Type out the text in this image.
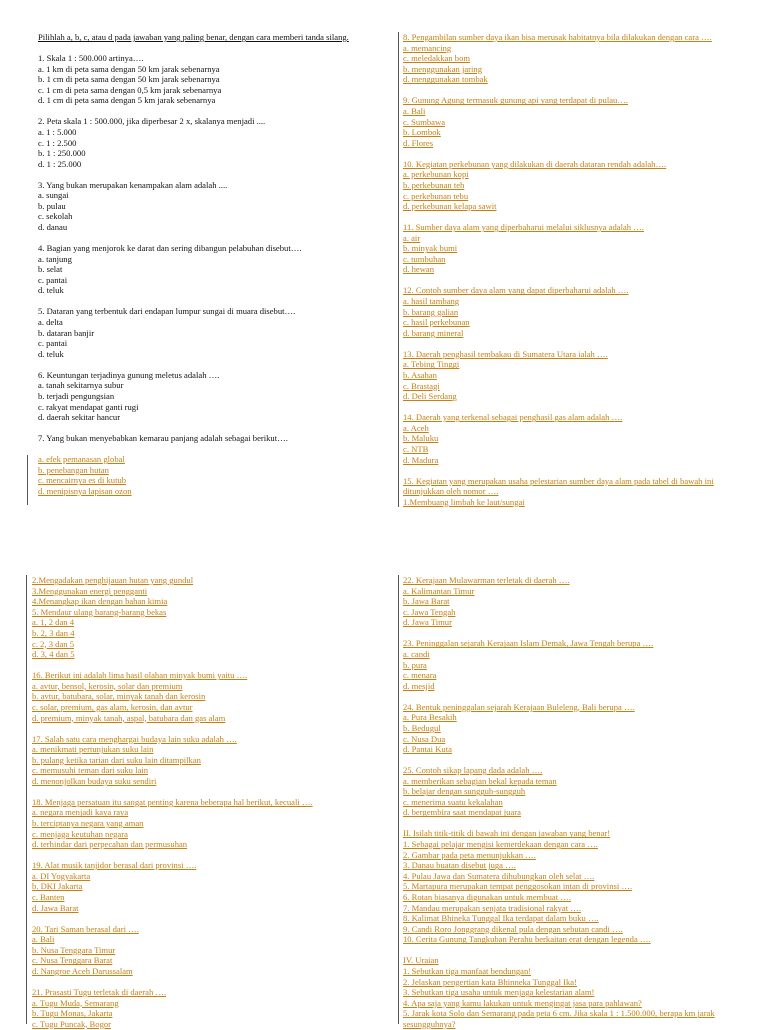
Pilihlah a, b, c, atau d pada jawaban yang paling benar, dengan cara memberi tanda silang.
1. Skala 1 : 500.000 artinya….
a. 1 km di peta sama dengan 50 km jarak sebenarnya
b. 1 cm di peta sama dengan 50 km jarak sebenarnya
c. 1 cm di peta sama dengan 0,5 km jarak sebenarnya
d. 1 cm di peta sama dengan 5 km jarak sebenarnya
2. Peta skala 1 : 500.000, jika diperbesar 2 x, skalanya menjadi ....
a. 1 : 5.000
c. 1 : 2.500
b. 1 : 250.000
d. 1 : 25.000
3. Yang bukan merupakan kenampakan alam adalah ....
a. sungai
b. pulau
c. sekolah
d. danau
4. Bagian yang menjorok ke darat dan sering dibangun pelabuhan disebut….
a. tanjung
b. selat
c. pantai
d. teluk
5. Dataran yang terbentuk dari endapan lumpur sungai di muara disebut….
a. delta
b. dataran banjir
c. pantai
d. teluk
6. Keuntungan terjadinya gunung meletus adalah ….
a. tanah sekitarnya subur
b. terjadi pengungsian
c. rakyat mendapat ganti rugi
d. daerah sekitar hancur
7. Yang bukan menyebabkan kemarau panjang adalah sebagai berikut….
a. efek pemanasan global
b. penebangan hutan
c. mencairnya es di kutub
d. menipisnya lapisan ozon
8. Pengambilan sumber daya ikan bisa merusak habitatnya bila dilakukan dengan cara ….
a. memancing
c. meledakkan bom
b. menggunakan jaring
d. menggunakan tombak
9. Gunung Agung termasuk gunung api yang terdapat di pulau….
a. Bali
c. Sumbawa
b. Lombok
d. Flores
10. Kegiatan perkebunan yang dilakukan di daerah dataran rendah adalah….
a. perkebunan kopi
b. perkebunan teh
c. perkebunan tebu
d. perkebunan kelapa sawit
11. Sumber daya alam yang diperbaharui melalui siklusnya adalah ….
a. air
b. minyak bumi
c. tumbuhan
d. hewan
12. Contoh sumber daya alam yang dapat diperbaharui adalah ….
a. hasil tambang
b. barang galian
c. hasil perkebunan
d. barang mineral
13. Daerah penghasil tembakau di Sumatera Utara ialah ….
a. Tebing Tinggi
b. Asahan
c. Brastagi
d. Deli Serdang
14. Daerah yang terkenal sebagai penghasil gas alam adalah ….
a. Aceh
b. Maluku
c. NTB
d. Madura
15. Kegiatan yang merupakan usaha pelestarian sumber daya alam pada tabel di bawah ini
ditunjukkan oleh nomor ….
1.Membuang limbah ke laut/sungai
2.Mengadakan penghijauan hutan yang gundul
3.Menggunakan energi pengganti
4.Menangkap ikan dengan bahan kimia
5. Mendaur ulang barang-barang bekas
a. 1, 2 dan 4
b. 2, 3 dan 4
c. 2, 3 dan 5
d. 3, 4 dan 5
16. Berikut ini adalah lima hasil olahan minyak bumi yaitu ….
a. avtur, bensol, kerosin, solar dan premium
b. avtur, batubara, solar, minyak tanah dan kerosin
c. solar, premium, gas alam, kerosin, dan avtur
d. premium, minyak tanah, aspal, batubara dan gas alam
17. Salah satu cara menghargai budaya lain suku adalah ….
a. menikmati pertunjukan suku lain
b. pulang ketika tarian dari suku lain ditampilkan
c. memusuhi teman dari suku lain
d. menonjolkan budaya suku sendiri
18. Menjaga persatuan itu sangat penting karena beberapa hal berikut, kecuali ….
a. negara menjadi kaya raya
b. terciptanya negara yang aman
c. menjaga keutuhan negara
d. terhindar dari perpecahan dan permusuhan
19. Alat musik tanjidor berasal dari provinsi ….
a. DI Yogyakarta
b. DKI Jakarta
c. Banten
d. Jawa Barat
20. Tari Saman berasal dari ….
a. Bali
b. Nusa Tenggara Timur
c. Nusa Tenggara Barat
d. Nangroe Aceh Darussalam
21. Prasasti Tugu terletak di daerah ….
a. Tugu Muda, Semarang
b. Tugu Monas, Jakarta
c. Tugu Puncak, Bogor
22. Kerajaan Mulawarman terletak di daerah ….
a. Kalimantan Timur
b. Jawa Barat
c. Jawa Tengah
d. Jawa Timur
23. Peninggalan sejarah Kerajaan Islam Demak, Jawa Tengah berupa ….
a. candi
b. pura
c. menara
d. mesjid
24. Bentuk peninggalan sejarah Kerajaan Buleleng, Bali berupa ….
a. Pura Besakih
b. Bedugul
c. Nusa Dua
d. Pantai Kuta
25. Contoh sikap lapang dada adalah ….
a. memberikan sebagian bekal kepada teman
b. belajar dengan sungguh-sungguh
c. menerima suatu kekalahan
d. bergembira saat mendapat juara
II. Isilah titik-titik di bawah ini dengan jawaban yang benar!
1. Sebagai pelajar mengisi kemerdekaan dengan cara ….
2. Gambar pada peta menunjukkan ….
3. Danau buatan disebut juga ….
4. Pulau Jawa dan Sumatera dihubungkan oleh selat ….
5. Martapura merupakan tempat penggosokan intan di provinsi ….
6. Rotan biasanya digunakan untuk membuat ….
7. Mandau merupakan senjata tradisional rakyat ….
8. Kalimat Bhineka Tunggal Ika terdapat dalam buku ….
9. Candi Roro Jonggrang dikenal pula dengan sebutan candi ….
10. Cerita Gunung Tangkuban Perahu berkaitan erat dengan legenda ….
IV. Uraian
1. Sebutkan tiga manfaat bendungan!
2. Jelaskan pengertian kata Bhinneka Tunggal Ika!
3. Sebutkan tiga usaha untuk menjaga kelestarian alam!
4. Apa saja yang kamu lakukan untuk mengingat jasa para pahlawan?
5. Jarak kota Solo dan Semarang pada peta 6 cm. Jika skala 1 : 1.500.000, berapa km jarak
sesungguhnya?
